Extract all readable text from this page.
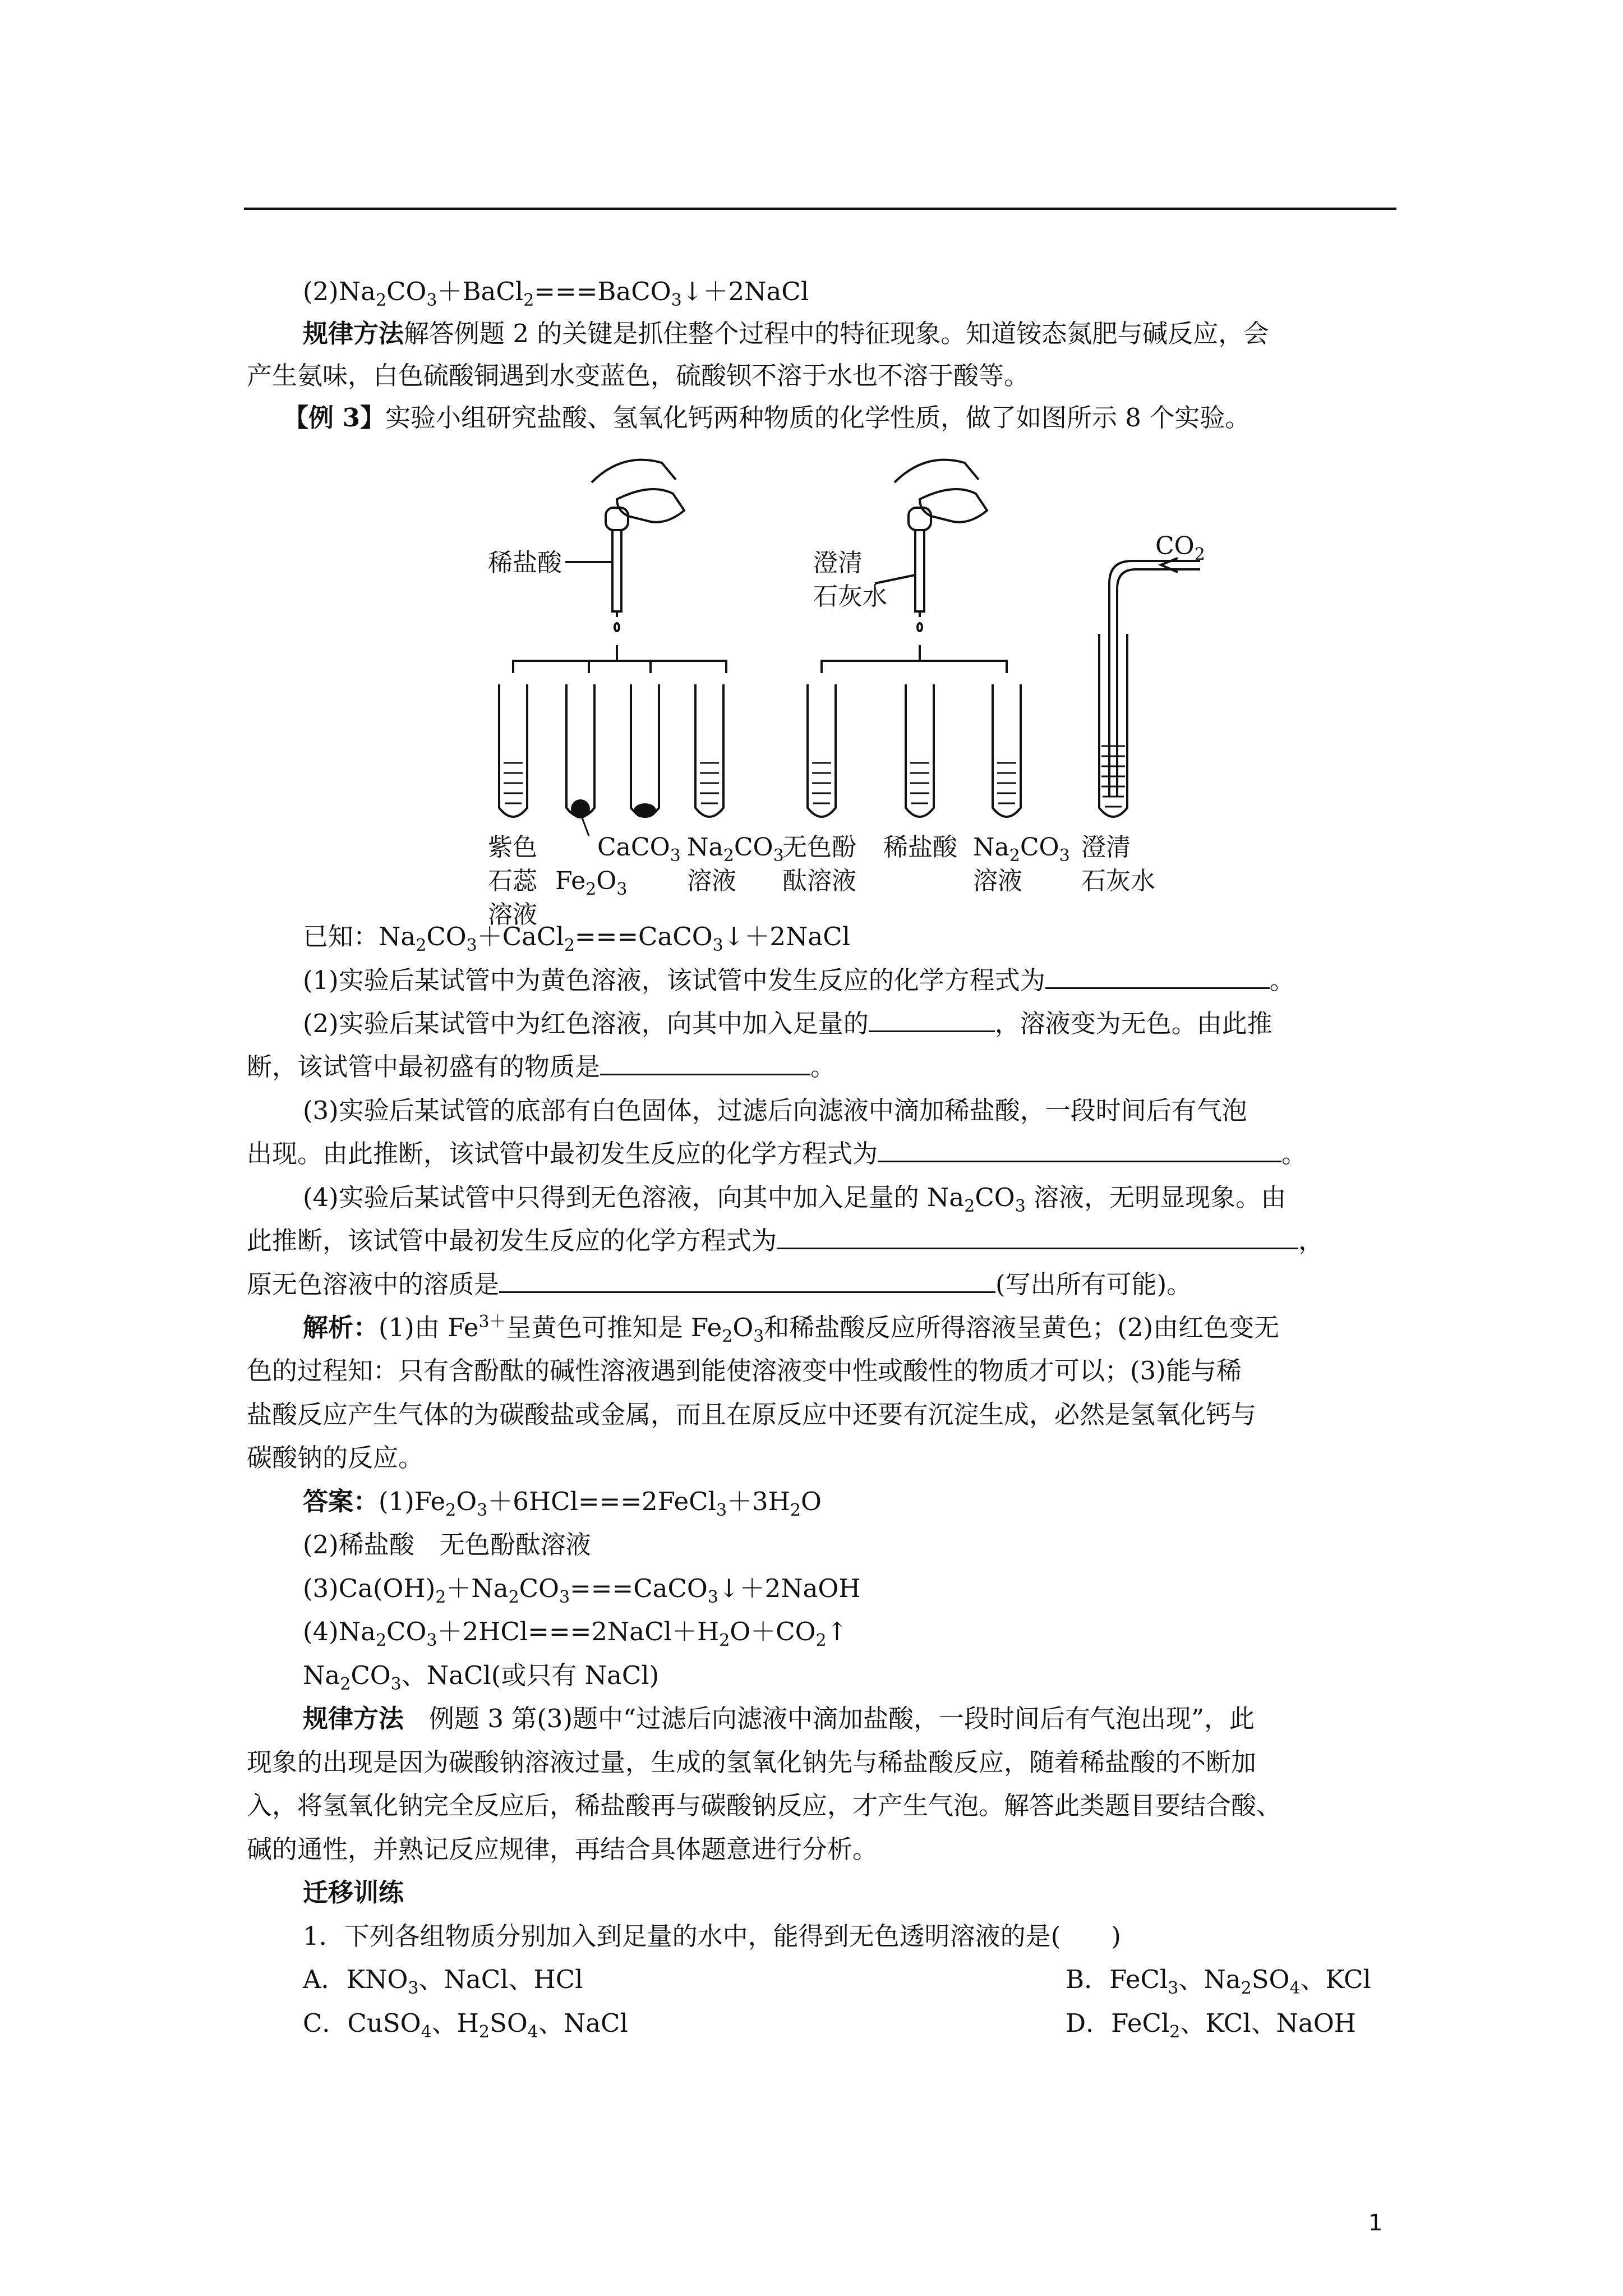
$(2)Na_2CO_3+BaCl_2===BaCO_3↓+2NaCl$
规律方法解答例题 2 的关键是抓住整个过程中的特征现象。知道铵态氮肥与碱反应，会
产生氨味，白色硫酸铜遇到水变蓝色，硫酸钡不溶于水也不溶于酸等。
【例 3】实验小组研究盐酸、氢氧化钙两种物质的化学性质，做了如图所示 8 个实验。
稀盐酸	澄清
石灰水
$CO_2$
紫色
石蕊
溶液
$Fe_2O_3$
CaCO$_3$ $Na_2CO_3$
溶液
无色酚
酞溶液
稀盐酸 $Na_2CO_3$
溶液
澄清
石灰水
已知：$Na_2CO_3+CaCl_2===CaCO_3↓+2NaCl$
(1)实验后某试管中为黄色溶液，该试管中发生反应的化学方程式为	。
(2)实验后某试管中为红色溶液，向其中加入足量的	，溶液变为无色。由此推
断，该试管中最初盛有的物质是	。
(3)实验后某试管的底部有白色固体，过滤后向滤液中滴加稀盐酸，一段时间后有气泡
出现。由此推断，该试管中最初发生反应的化学方程式为	。
(4)实验后某试管中只得到无色溶液，向其中加入足量的 $Na_2CO_3$ 溶液，无明显现象。由
此推断，该试管中最初发生反应的化学方程式为	，
原无色溶液中的溶质是	(写出所有可能)。
解析：(1)由 $Fe^{3+}$呈黄色可推知是 $Fe_2O_3$和稀盐酸反应所得溶液呈黄色；(2)由红色变无
色的过程知：只有含酚酞的碱性溶液遇到能使溶液变中性或酸性的物质才可以；(3)能与稀
盐酸反应产生气体的为碳酸盐或金属，而且在原反应中还要有沉淀生成，必然是氢氧化钙与
碳酸钠的反应。
答案：$(1)Fe_2O_3+6HCl===2FeCl_3+3H_2O$
(2)稀盐酸　无色酚酞溶液
$(3)Ca(OH)_2+Na_2CO_3===CaCO_3↓+2NaOH$
$(4)Na_2CO_3+2HCl===2NaCl+H_2O+CO_2↑$
$Na_2CO_3$、NaCl(或只有 NaCl)
规律方法　例题 3 第(3)题中“过滤后向滤液中滴加盐酸，一段时间后有气泡出现”，此
现象的出现是因为碳酸钠溶液过量，生成的氢氧化钠先与稀盐酸反应，随着稀盐酸的不断加
入，将氢氧化钠完全反应后，稀盐酸再与碳酸钠反应，才产生气泡。解答此类题目要结合酸、
碱的通性，并熟记反应规律，再结合具体题意进行分析。
迁移训练
1．下列各组物质分别加入到足量的水中，能得到无色透明溶液的是(　　)
A．$KNO_3$、NaCl、HCl	B．FeCl$_3$、$Na_2SO_4$、KCl
C．CuSO$_4$、$H_2SO_4$、NaCl	D．FeCl$_2$、KCl、NaOH
1
